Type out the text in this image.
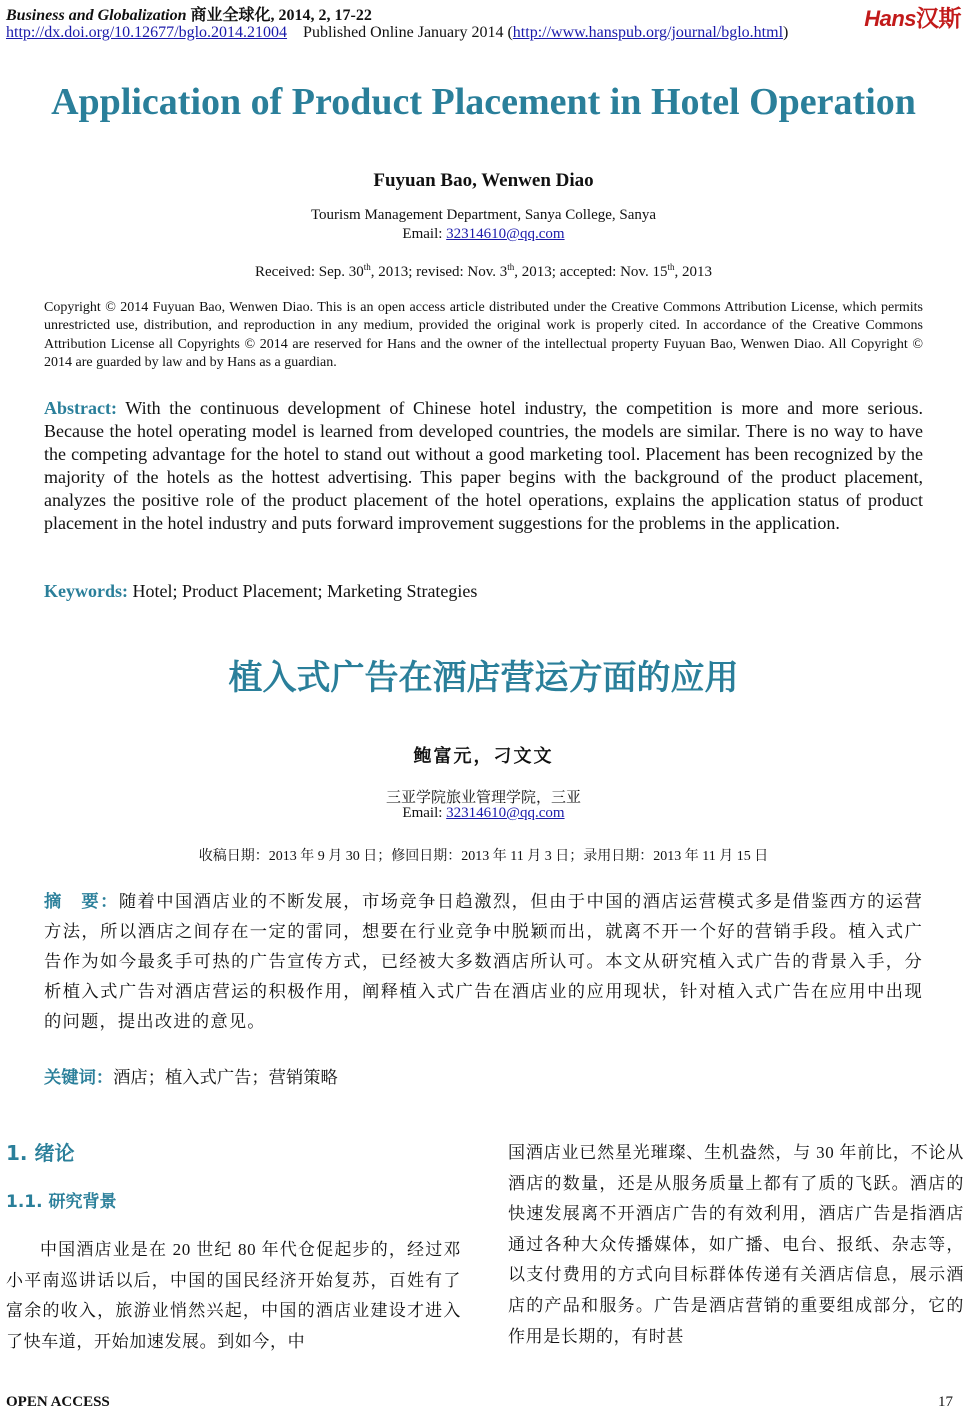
Business and Globalization 商业全球化, 2014, 2, 17-22
http://dx.doi.org/10.12677/bglo.2014.21004 Published Online January 2014 (http://www.hanspub.org/journal/bglo.html)
Hans汉斯
Application of Product Placement in Hotel Operation
Fuyuan Bao, Wenwen Diao
Tourism Management Department, Sanya College, Sanya
Email: 32314610@qq.com
Received: Sep. 30th, 2013; revised: Nov. 3th, 2013; accepted: Nov. 15th, 2013
Copyright © 2014 Fuyuan Bao, Wenwen Diao. This is an open access article distributed under the Creative Commons Attribution License, which permits unrestricted use, distribution, and reproduction in any medium, provided the original work is properly cited. In accordance of the Creative Commons Attribution License all Copyrights © 2014 are reserved for Hans and the owner of the intellectual property Fuyuan Bao, Wenwen Diao. All Copyright © 2014 are guarded by law and by Hans as a guardian.
Abstract: With the continuous development of Chinese hotel industry, the competition is more and more serious. Because the hotel operating model is learned from developed countries, the models are similar. There is no way to have the competing advantage for the hotel to stand out without a good marketing tool. Placement has been recognized by the majority of the hotels as the hottest advertising. This paper begins with the background of the product placement, analyzes the positive role of the product placement of the hotel operations, explains the application status of product placement in the hotel industry and puts forward improvement suggestions for the problems in the application.
Keywords: Hotel; Product Placement; Marketing Strategies
植入式广告在酒店营运方面的应用
鲍富元，刁文文
三亚学院旅业管理学院，三亚
Email: 32314610@qq.com
收稿日期：2013 年 9 月 30 日；修回日期：2013 年 11 月 3 日；录用日期：2013 年 11 月 15 日
摘　要：随着中国酒店业的不断发展，市场竞争日趋激烈，但由于中国的酒店运营模式多是借鉴西方的运营方法，所以酒店之间存在一定的雷同，想要在行业竞争中脱颖而出，就离不开一个好的营销手段。植入式广告作为如今最炙手可热的广告宣传方式，已经被大多数酒店所认可。本文从研究植入式广告的背景入手，分析植入式广告对酒店营运的积极作用，阐释植入式广告在酒店业的应用现状，针对植入式广告在应用中出现的问题，提出改进的意见。
关键词：酒店；植入式广告；营销策略
1. 绪论
1.1. 研究背景
中国酒店业是在 20 世纪 80 年代仓促起步的，经过邓小平南巡讲话以后，中国的国民经济开始复苏，百姓有了富余的收入，旅游业悄然兴起，中国的酒店业建设才进入了快车道，开始加速发展。到如今，中
国酒店业已然星光璀璨、生机盎然，与 30 年前比，不论从酒店的数量，还是从服务质量上都有了质的飞跃。酒店的快速发展离不开酒店广告的有效利用，酒店广告是指酒店通过各种大众传播媒体，如广播、电台、报纸、杂志等，以支付费用的方式向目标群体传递有关酒店信息，展示酒店的产品和服务。广告是酒店营销的重要组成部分，它的作用是长期的，有时甚
OPEN ACCESS	17
